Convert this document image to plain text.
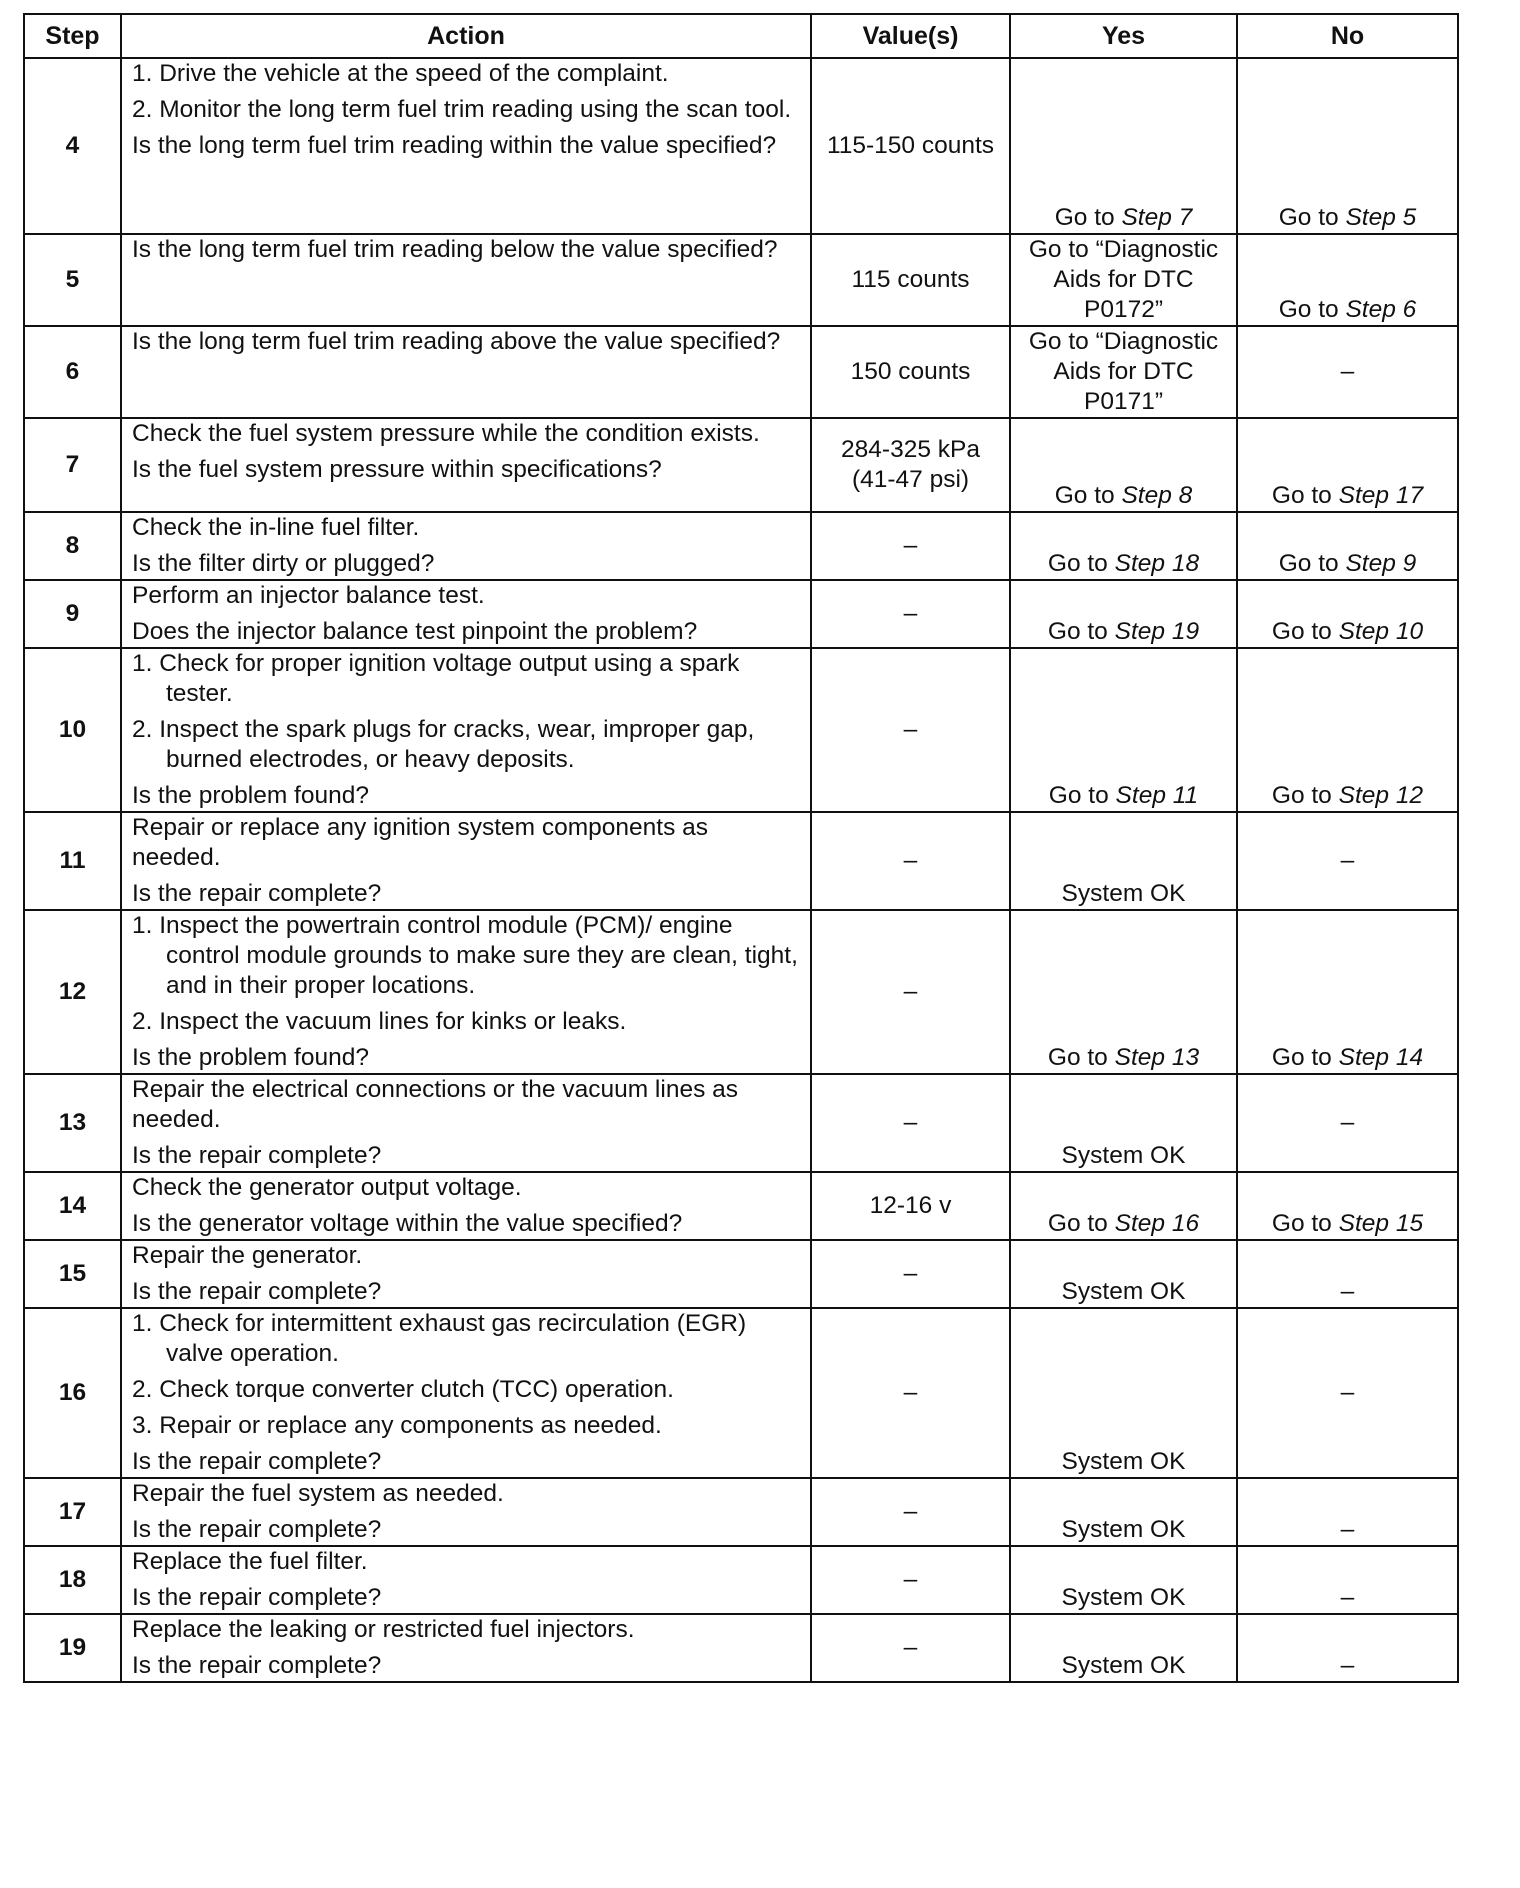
Step	Action	Value(s)	Yes	No
4	1. Drive the vehicle at the speed of the complaint.
2. Monitor the long term fuel trim reading using the scan tool.
Is the long term fuel trim reading within the value specified?	115-150 counts	Go to Step 7	Go to Step 5
5	Is the long term fuel trim reading below the value specified?	115 counts	Go to “Diagnostic Aids for DTC P0172”	Go to Step 6
6	Is the long term fuel trim reading above the value specified?	150 counts	Go to “Diagnostic Aids for DTC P0171”	–
7	Check the fuel system pressure while the condition exists.
Is the fuel system pressure within specifications?	284-325 kPa (41-47 psi)	Go to Step 8	Go to Step 17
8	Check the in-line fuel filter.
Is the filter dirty or plugged?	–	Go to Step 18	Go to Step 9
9	Perform an injector balance test.
Does the injector balance test pinpoint the problem?	–	Go to Step 19	Go to Step 10
10	1. Check for proper ignition voltage output using a spark tester.
2. Inspect the spark plugs for cracks, wear, improper gap, burned electrodes, or heavy deposits.
Is the problem found?	–	Go to Step 11	Go to Step 12
11	Repair or replace any ignition system components as needed.
Is the repair complete?	–	System OK	–
12	1. Inspect the powertrain control module (PCM)/ engine control module grounds to make sure they are clean, tight, and in their proper locations.
2. Inspect the vacuum lines for kinks or leaks.
Is the problem found?	–	Go to Step 13	Go to Step 14
13	Repair the electrical connections or the vacuum lines as needed.
Is the repair complete?	–	System OK	–
14	Check the generator output voltage.
Is the generator voltage within the value specified?	12-16 v	Go to Step 16	Go to Step 15
15	Repair the generator.
Is the repair complete?	–	System OK	–
16	1. Check for intermittent exhaust gas recirculation (EGR) valve operation.
2. Check torque converter clutch (TCC) operation.
3. Repair or replace any components as needed.
Is the repair complete?	–	System OK	–
17	Repair the fuel system as needed.
Is the repair complete?	–	System OK	–
18	Replace the fuel filter.
Is the repair complete?	–	System OK	–
19	Replace the leaking or restricted fuel injectors.
Is the repair complete?	–	System OK	–
